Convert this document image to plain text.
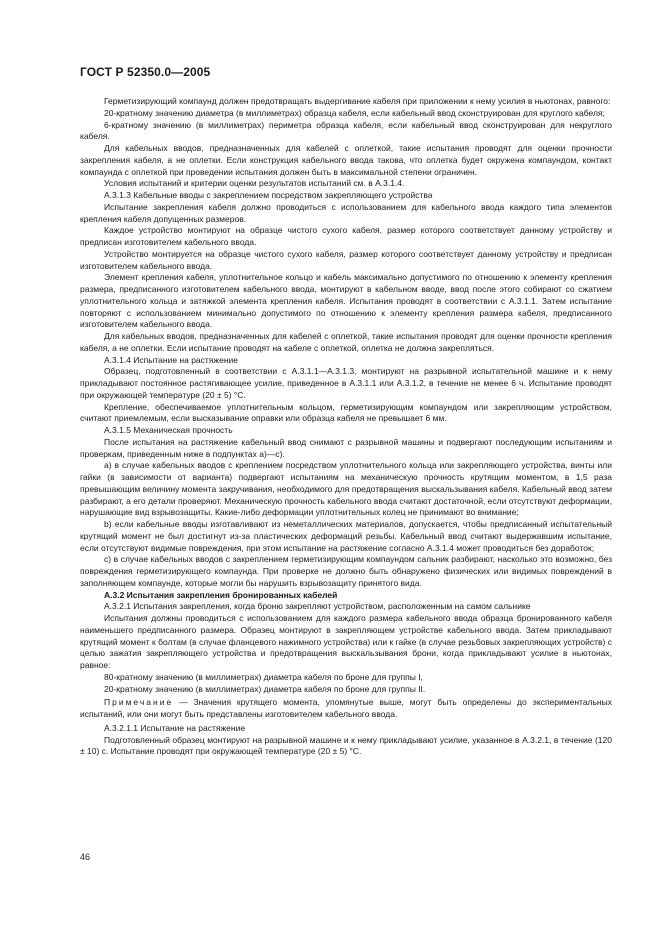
ГОСТ Р 52350.0—2005

Герметизирующий компаунд должен предотвращать выдергивание кабеля при приложении к нему усилия в ньютонах, равного:

20-кратному значению диаметра (в миллиметрах) образца кабеля, если кабельный ввод сконструирован для круглого кабеля;

6-кратному значению (в миллиметрах) периметра образца кабеля, если кабельный ввод сконструирован для некруглого кабеля.

Для кабельных вводов, предназначенных для кабелей с оплеткой, такие испытания проводят для оценки прочности закрепления кабеля, а не оплетки. Если конструкция кабельного ввода такова, что оплетка будет окружена компаундом, контакт компаунда с оплеткой при проведении испытания должен быть в максимальной степени ограничен.

Условия испытаний и критерии оценки результатов испытаний см. в А.3.1.4.

А.3.1.3 Кабельные вводы с закреплением посредством закрепляющего устройства

Испытание закрепления кабеля должно проводиться с использованием для кабельного ввода каждого типа элементов крепления кабеля допущенных размеров.

Каждое устройство монтируют на образце чистого сухого кабеля, размер которого соответствует данному устройству и предписан изготовителем кабельного ввода.

Устройство монтируется на образце чистого сухого кабеля, размер которого соответствует данному устройству и предписан изготовителем кабельного ввода.

Элемент крепления кабеля, уплотнительное кольцо и кабель максимально допустимого по отношению к элементу крепления размера, предписанного изготовителем кабельного ввода, монтируют в кабельном вводе, ввод после этого собирают со сжатием уплотнительного кольца и затяжкой элемента крепления кабеля. Испытания проводят в соответствии с А.3.1.1. Затем испытание повторяют с использованием минимально допустимого по отношению к элементу крепления размера кабеля, предписанного изготовителем кабельного ввода.

Для кабельных вводов, предназначенных для кабелей с оплеткой, такие испытания проводят для оценки прочности крепления кабеля, а не оплетки. Если испытание проводят на кабеле с оплеткой, оплетка не должна закрепляться.

А.3.1.4 Испытание на растяжение

Образец, подготовленный в соответствии с А.3.1.1—А.3.1.3, монтируют на разрывной испытательной машине и к нему прикладывают постоянное растягивающее усилие, приведенное в А.3.1.1 или А.3.1.2, в течение не менее 6 ч. Испытание проводят при окружающей температуре (20 ± 5) °С.

Крепление, обеспечиваемое уплотнительным кольцом, герметизирующим компаундом или закрепляющим устройством, считают приемлемым, если высказывание оправки или образца кабеля не превышает 6 мм.

А.3.1.5 Механическая прочность

После испытания на растяжение кабельный ввод снимают с разрывной машины и подвергают последующим испытаниям и проверкам, приведенным ниже в подпунктах а)—с).

а) в случае кабельных вводов с креплением посредством уплотнительного кольца или закрепляющего устройства, винты или гайки (в зависимости от варианта) подвергают испытаниям на механическую прочность крутящим моментом, в 1,5 раза превышающим величину момента закручивания, необходимого для предотвращения выскальзывания кабеля. Кабельный ввод затем разбирают, а его детали проверяют. Механическую прочность кабельного ввода считают достаточной, если отсутствуют деформации, нарушающие вид взрывозащиты. Какие-либо деформации уплотнительных колец не принимают во внимание;

b) если кабельные вводы изготавливают из неметаллических материалов, допускается, чтобы предписанный испытательный крутящий момент не был достигнут из-за пластических деформаций резьбы. Кабельный ввод считают выдержавшим испытание, если отсутствуют видимые повреждения, при этом испытание на растяжение согласно А.3.1.4 может проводиться без доработок;

с) в случае кабельных вводов с закреплением герметизирующим компаундом сальник разбирают, насколько это возможно, без повреждения герметизирующего компаунда. При проверке не должно быть обнаружено физических или видимых повреждений в заполняющем компаунде, которые могли бы нарушить взрывозащиту принятого вида.

А.3.2 Испытания закрепления бронированных кабелей

А.3.2.1 Испытания закрепления, когда броню закрепляют устройством, расположенным на самом сальнике

Испытания должны проводиться с использованием для каждого размера кабельного ввода образца бронированного кабеля наименьшего предписанного размера. Образец монтируют в закрепляющем устройстве кабельного ввода. Затем прикладывают крутящий момент к болтам (в случае фланцевого нажимного устройства) или к гайке (в случае резьбовых закрепляющих устройств) с целью зажатия закрепляющего устройства и предотвращения выскальзывания брони, когда прикладывают усилие в ньютонах, равное:

80-кратному значению (в миллиметрах) диаметра кабеля по броне для группы I,

20-кратному значению (в миллиметрах) диаметра кабеля по броне для группы II.

Примечание — Значения крутящего момента, упомянутые выше, могут быть определены до экспериментальных испытаний, или они могут быть представлены изготовителем кабельного ввода.

А.3.2.1.1 Испытание на растяжение

Подготовленный образец монтируют на разрывной машине и к нему прикладывают усилие, указанное в А.3.2.1, в течение (120 ± 10) с. Испытание проводят при окружающей температуре (20 ± 5) °С.

46
